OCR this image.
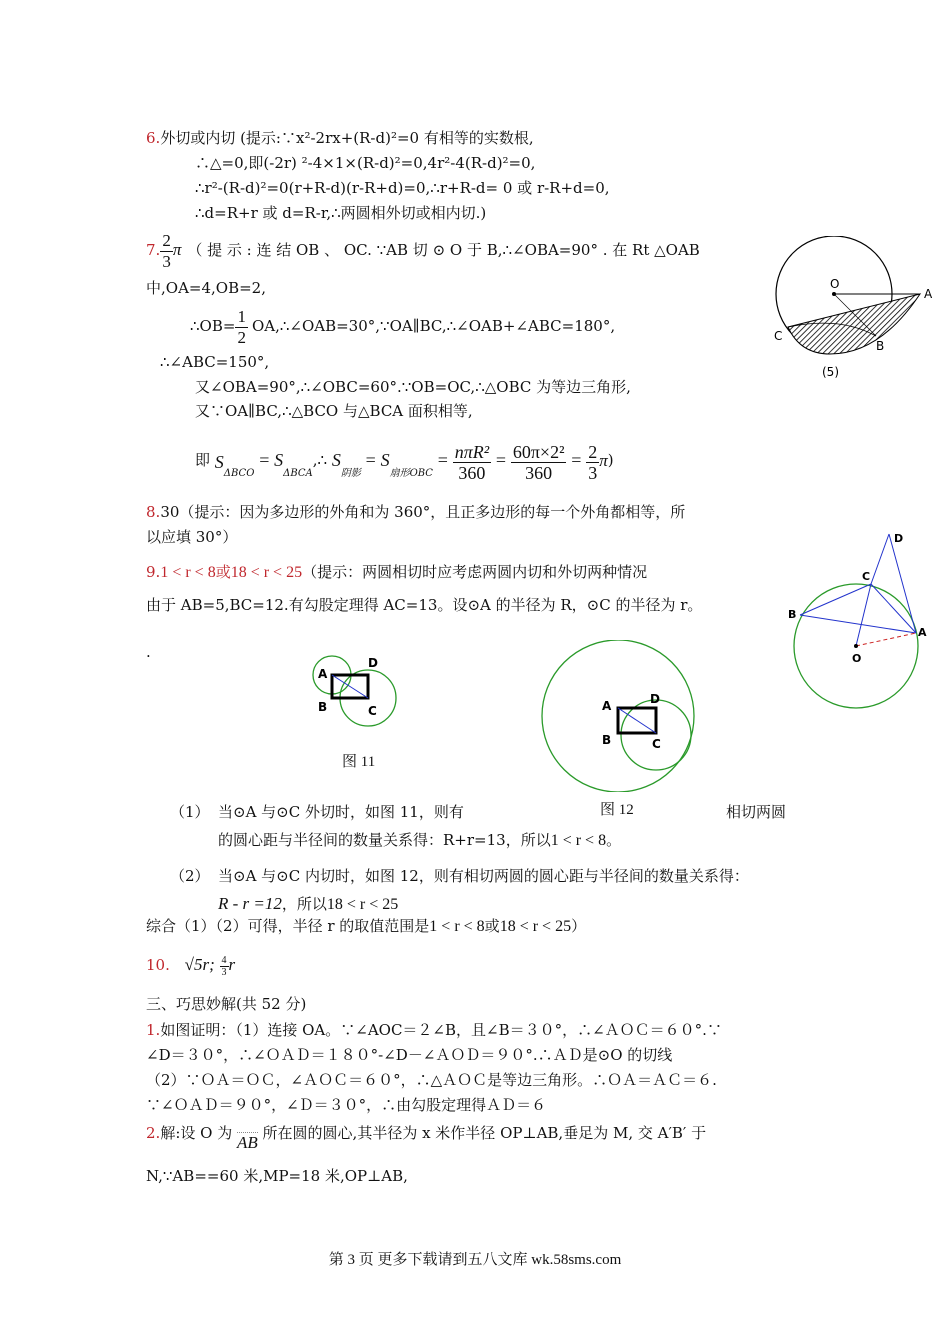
6.外切或内切 (提示:∵x²-2rx+(R-d)²=0 有相等的实数根,
∴△=0,即(-2r) ²-4×1×(R-d)²=0,4r²-4(R-d)²=0,
∴r²-(R-d)²=0(r+R-d)(r-R+d)=0,∴r+R-d= 0 或 r-R+d=0,
∴d=R+r 或 d=R-r,∴两圆相外切或相内切.)
7. $\frac{2}{3}$ π （ 提 示 : 连 结 OB 、 OC. ∵AB 切 ⊙ O 于 B,∴∠OBA=90° . 在 Rt △OAB
中,OA=4,OB=2,
∴OB= $\frac{1}{2}$ OA,∴∠OAB=30°,∵OA∥BC,∴∠OAB+∠ABC=180°,
∴∠ABC=150°,
又∠OBA=90°,∴∠OBC=60°.∵OB=OC,∴△OBC 为等边三角形,
又∵OA∥BC,∴△BCO 与△BCA 面积相等,
即 $S_{\Delta BCO}$ = $S_{\Delta BCA},\therefore$ $S_{阴影} = S_{扇形OBC} = \frac{\text{nπR²}}{360} = \frac{\text{60π×2²}}{360} = \frac{2}{3} \pi$)
8.30（提示：因为多边形的外角和为 360°，且正多边形的每一个外角都相等，所
以应填 30°）
9.1 < r < 8或18 < r < 25（提示：两圆相切时应考虑两圆内切和外切两种情况
由于 AB=5,BC=12.有勾股定理得 AC=13。设⊙A 的半径为 R，⊙C 的半径为 r。
.
A
B	C
D
图 11
A
B	C
D
图 12
（1） 当⊙A 与⊙C 外切时，如图 11，则有	相切两圆
的圆心距与半径间的数量关系得：R+r=13，所以1 < r < 8。
（2） 当⊙A 与⊙C 内切时，如图 12，则有相切两圆的圆心距与半径间的数量关系得：
R - r =12，所以18 < r < 25
综合（1）（2）可得，半径 r 的取值范围是1 < r < 8或18 < r < 25）
10. √5r; $\frac{4}{3}$ r
三、巧思妙解(共 52 分)
1.如图证明：（1）连接 OA。∵∠AOC＝２∠B，且∠B＝３０°，∴∠ＡＯＣ＝６０°.∵
∠D＝３０°，∴∠ＯＡＤ＝１８０°-∠D－∠ＡＯＤ＝９０°.∴ＡＤ是⊙O 的切线
（2）∵ＯＡ＝ＯＣ，∠ＡＯＣ＝６０°，∴△ＡＯＣ是等边三角形。∴ＯＡ＝ＡＣ＝６.
∵∠ＯＡＤ＝９０°，∠Ｄ＝３０°，∴由勾股定理得ＡＤ＝６
2.解:设 O 为 AB 所在圆的圆心,其半径为 x 米作半径 OP⊥AB,垂足为 M, 交 A′B′ 于
N,∵AB==60 米,MP=18 米,OP⊥AB,
O
A
C
B
(5)
D
C
B
A
O
第 3 页 更多下载请到五八文库 wk.58sms.com
